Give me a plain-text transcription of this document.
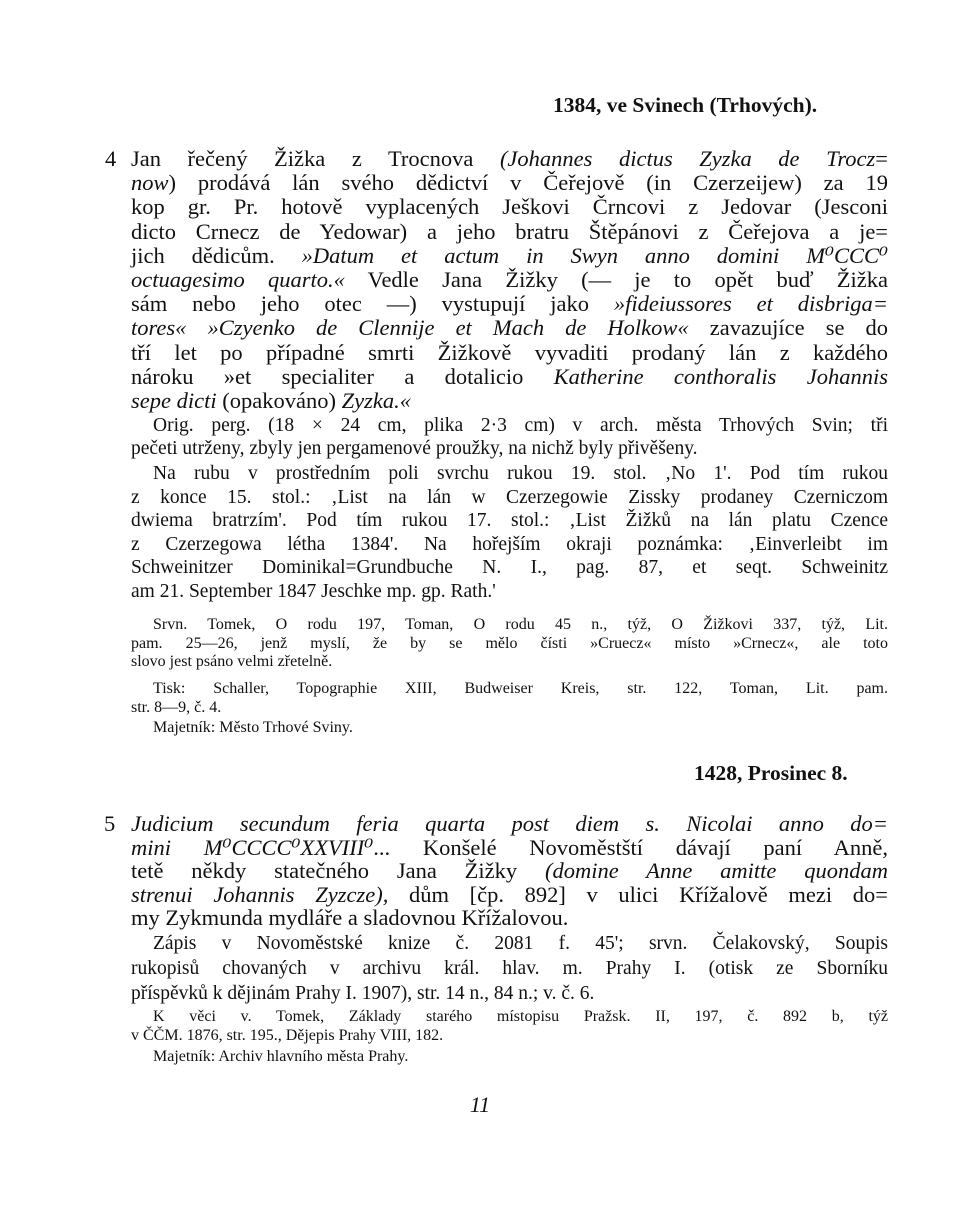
1384, ve Svinech (Trhových).

4 Jan řečený Žižka z Trocnova (Johannes dictus Zyzka de Trocz=

now) prodává lán svého dědictví v Čeřejově (in Czerzeijew) za 19

kop gr. Pr. hotově vyplacených Ješkovi Črncovi z Jedovar (Jesconi

dicto Crnecz de Yedowar) a jeho bratru Štěpánovi z Čeřejova a je=

jich dědicům. »Datum et actum in Swyn anno domini M⁰CCC⁰

octuagesimo quarto.« Vedle Jana Žižky (— je to opět buď Žižka

sám nebo jeho otec —) vystupují jako »fideiussores et disbriga=

tores« »Czyenko de Clennije et Mach de Holkow« zavazujíce se do

tří let po případné smrti Žižkově vyvaditi prodaný lán z každého

nároku »et specialiter a dotalicio Katherine conthoralis Johannis

sepe dicti (opakováno) Zyzka.«

Orig. perg. (18 × 24 cm, plika 2·3 cm) v arch. města Trhových Svin; tři

pečeti utrženy, zbyly jen pergamenové proužky, na nichž byly přivěšeny.

Na rubu v prostředním poli svrchu rukou 19. stol. ‚No 1'. Pod tím rukou

z konce 15. stol.: ‚List na lán w Czerzegowie Zissky prodaney Czerniczom

dwiema bratrzím'. Pod tím rukou 17. stol.: ‚List Žižků na lán platu Czence

z Czerzegowa létha 1384'. Na hořejším okraji poznámka: ‚Einverleibt im

Schweinitzer Dominikal=Grundbuche N. I., pag. 87, et seqt. Schweinitz

am 21. September 1847 Jeschke mp. gp. Rath.'

Srvn. Tomek, O rodu 197, Toman, O rodu 45 n., týž, O Žižkovi 337, týž, Lit.

pam. 25—26, jenž myslí, že by se mělo čísti »Cruecz« místo »Crnecz«, ale toto

slovo jest psáno velmi zřetelně.

Tisk: Schaller, Topographie XIII, Budweiser Kreis, str. 122, Toman, Lit. pam.

str. 8—9, č. 4.

Majetník: Město Trhové Sviny.

1428, Prosinec 8.

5 Judicium secundum feria quarta post diem s. Nicolai anno do=

mini M⁰CCCC⁰XXVIII⁰... Konšelé Novoměstští dávají paní Anně,

tetě někdy statečného Jana Žižky (domine Anne amitte quondam

strenui Johannis Zyzcze), dům [čp. 892] v ulici Křížalově mezi do=

my Zykmunda mydláře a sladovnou Křížalovou.

Zápis v Novoměstské knize č. 2081 f. 45'; srvn. Čelakovský, Soupis

rukopisů chovaných v archivu král. hlav. m. Prahy I. (otisk ze Sborníku

příspěvků k dějinám Prahy I. 1907), str. 14 n., 84 n.; v. č. 6.

K věci v. Tomek, Základy starého místopisu Pražsk. II, 197, č. 892 b, týž

v ČČM. 1876, str. 195., Dějepis Prahy VIII, 182.

Majetník: Archiv hlavního města Prahy.

11
